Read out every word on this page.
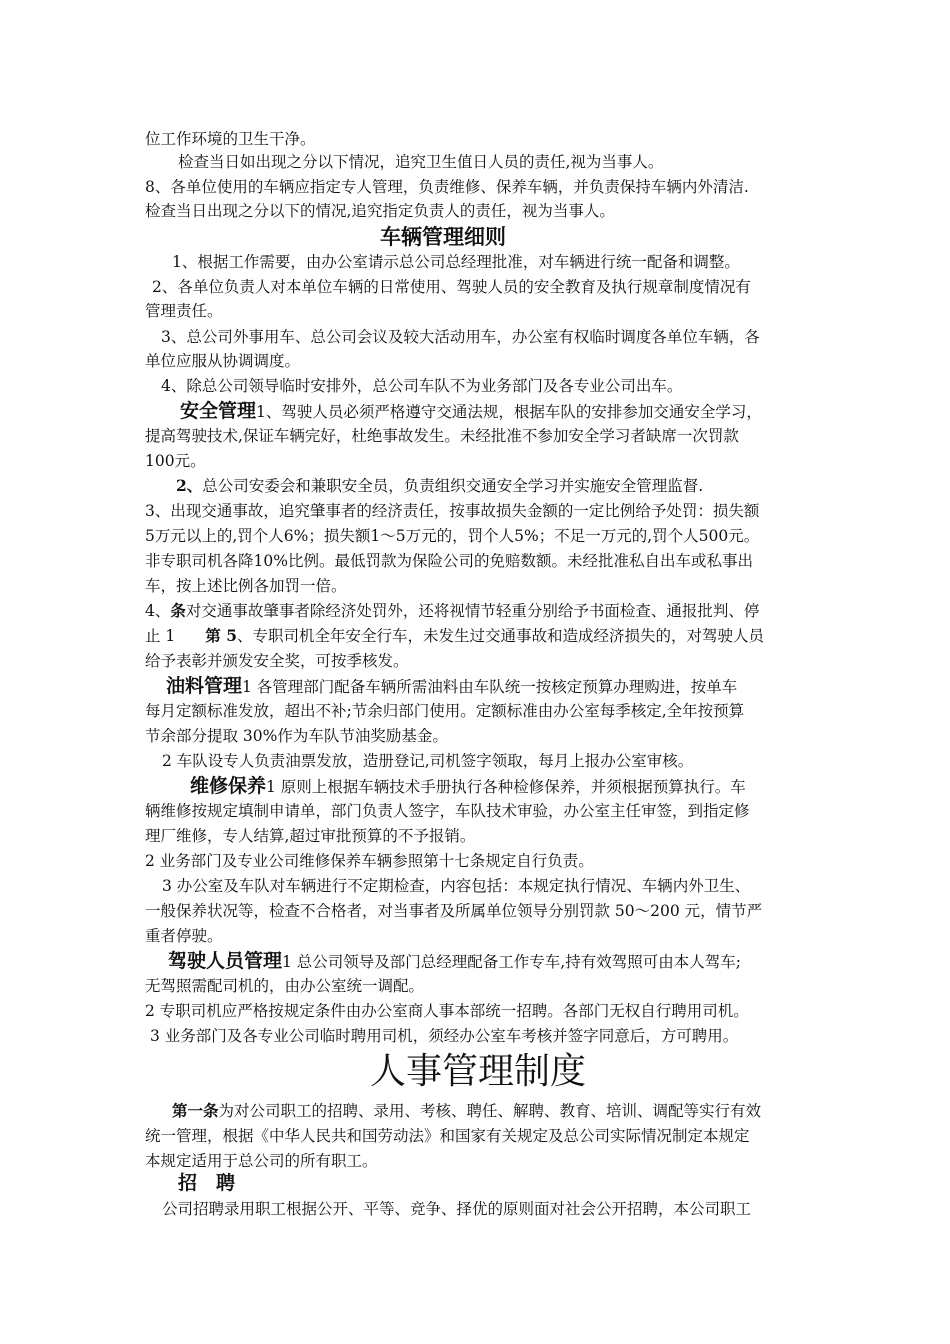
位工作环境的卫生干净。
检查当日如出现之分以下情况，追究卫生值日人员的责任,视为当事人。
8、各单位使用的车辆应指定专人管理，负责维修、保养车辆，并负责保持车辆内外清洁.
检查当日出现之分以下的情况,追究指定负责人的责任，视为当事人。
车辆管理细则
1、根据工作需要，由办公室请示总公司总经理批准，对车辆进行统一配备和调整。
2、各单位负责人对本单位车辆的日常使用、驾驶人员的安全教育及执行规章制度情况有
管理责任。
3、总公司外事用车、总公司会议及较大活动用车，办公室有权临时调度各单位车辆，各
单位应服从协调调度。
4、除总公司领导临时安排外，总公司车队不为业务部门及各专业公司出车。
安全管理1、驾驶人员必须严格遵守交通法规，根据车队的安排参加交通安全学习，
提高驾驶技术,保证车辆完好，杜绝事故发生。未经批准不参加安全学习者缺席一次罚款
100元。
2、总公司安委会和兼职安全员，负责组织交通安全学习并实施安全管理监督.
3、出现交通事故，追究肇事者的经济责任，按事故损失金额的一定比例给予处罚：损失额
5万元以上的,罚个人6%；损失额1～5万元的，罚个人5%；不足一万元的,罚个人500元。
非专职司机各降10%比例。最低罚款为保险公司的免赔数额。未经批准私自出车或私事出
车，按上述比例各加罚一倍。
4、条对交通事故肇事者除经济处罚外，还将视情节轻重分别给予书面检查、通报批判、停
止 1 第 5、专职司机全年安全行车，未发生过交通事故和造成经济损失的，对驾驶人员
给予表彰并颁发安全奖，可按季核发。
油料管理1 各管理部门配备车辆所需油料由车队统一按核定预算办理购进，按单车
每月定额标准发放，超出不补;节余归部门使用。定额标准由办公室每季核定,全年按预算
节余部分提取 30%作为车队节油奖励基金。
2 车队设专人负责油票发放，造册登记,司机签字领取，每月上报办公室审核。
维修保养1 原则上根据车辆技术手册执行各种检修保养，并须根据预算执行。车
辆维修按规定填制申请单，部门负责人签字，车队技术审验，办公室主任审签，到指定修
理厂维修，专人结算,超过审批预算的不予报销。
2 业务部门及专业公司维修保养车辆参照第十七条规定自行负责。
3 办公室及车队对车辆进行不定期检查，内容包括：本规定执行情况、车辆内外卫生、
一般保养状况等，检查不合格者，对当事者及所属单位领导分别罚款 50～200 元，情节严
重者停驶。
驾驶人员管理1 总公司领导及部门总经理配备工作专车,持有效驾照可由本人驾车;
无驾照需配司机的，由办公室统一调配。
2 专职司机应严格按规定条件由办公室商人事本部统一招聘。各部门无权自行聘用司机。
3 业务部门及各专业公司临时聘用司机，须经办公室车考核并签字同意后，方可聘用。
人事管理制度
第一条为对公司职工的招聘、录用、考核、聘任、解聘、教育、培训、调配等实行有效
统一管理，根据《中华人民共和国劳动法》和国家有关规定及总公司实际情况制定本规定
本规定适用于总公司的所有职工。
招　聘
公司招聘录用职工根据公开、平等、竞争、择优的原则面对社会公开招聘，本公司职工
